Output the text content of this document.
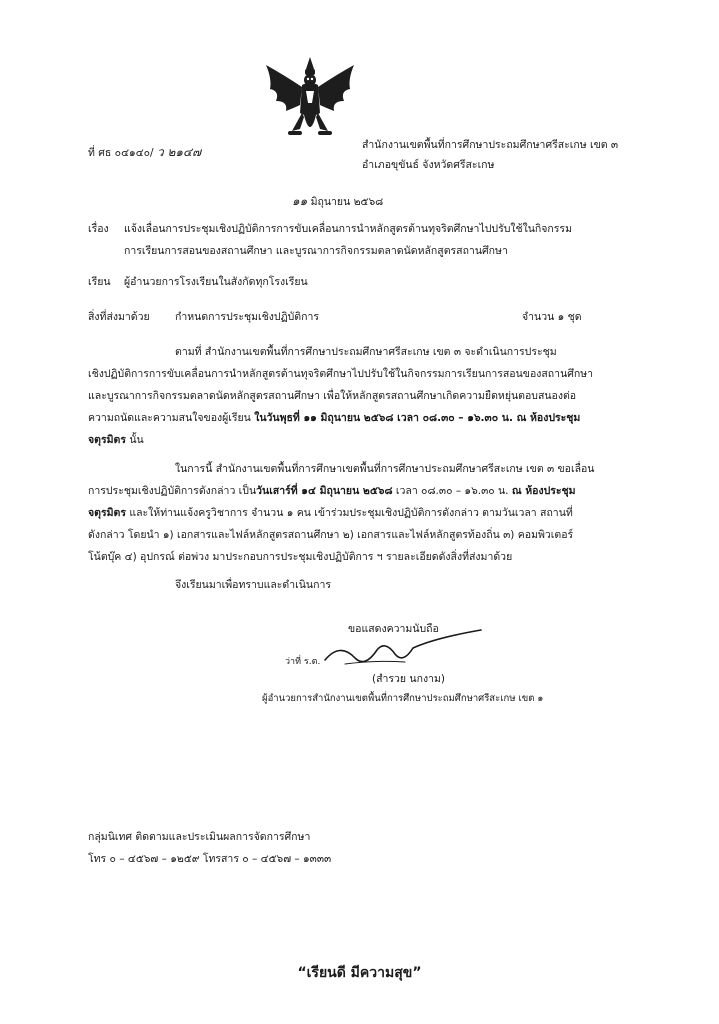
ที่ ศธ ๐๔๑๔๐/ ว ๒๑๔๗	สำนักงานเขตพื้นที่การศึกษาประถมศึกษาศรีสะเกษ เขต ๓
อำเภอขุขันธ์ จังหวัดศรีสะเกษ
๑๑ มิถุนายน ๒๕๖๘
เรื่อง แจ้งเลื่อนการประชุมเชิงปฏิบัติการการขับเคลื่อนการนำหลักสูตรต้านทุจริตศึกษาไปปรับใช้ในกิจกรรม
การเรียนการสอนของสถานศึกษา และบูรณาการกิจกรรมตลาดนัดหลักสูตรสถานศึกษา
เรียน ผู้อำนวยการโรงเรียนในสังกัดทุกโรงเรียน
สิ่งที่ส่งมาด้วย กำหนดการประชุมเชิงปฏิบัติการ	จำนวน ๑ ชุด
ตามที่ สำนักงานเขตพื้นที่การศึกษาประถมศึกษาศรีสะเกษ เขต ๓ จะดำเนินการประชุม
เชิงปฏิบัติการการขับเคลื่อนการนำหลักสูตรต้านทุจริตศึกษาไปปรับใช้ในกิจกรรมการเรียนการสอนของสถานศึกษา
และบูรณาการกิจกรรมตลาดนัดหลักสูตรสถานศึกษา เพื่อให้หลักสูตรสถานศึกษาเกิดความยืดหยุ่นตอบสนองต่อ
ความถนัดและความสนใจของผู้เรียน ในวันพุธที่ ๑๑ มิถุนายน ๒๕๖๘ เวลา ๐๘.๓๐ – ๑๖.๓๐ น. ณ ห้องประชุม
จตุรมิตร นั้น
ในการนี้ สำนักงานเขตพื้นที่การศึกษาเขตพื้นที่การศึกษาประถมศึกษาศรีสะเกษ เขต ๓ ขอเลื่อน
การประชุมเชิงปฏิบัติการดังกล่าว เป็นวันเสาร์ที่ ๑๔ มิถุนายน ๒๕๖๘ เวลา ๐๘.๓๐ – ๑๖.๓๐ น. ณ ห้องประชุม
จตุรมิตร และให้ท่านแจ้งครูวิชาการ จำนวน ๑ คน เข้าร่วมประชุมเชิงปฏิบัติการดังกล่าว ตามวันเวลา สถานที่
ดังกล่าว โดยนำ ๑) เอกสารและไฟล์หลักสูตรสถานศึกษา ๒) เอกสารและไฟล์หลักสูตรท้องถิ่น ๓) คอมพิวเตอร์
โน้ตบุ๊ค ๔) อุปกรณ์ ต่อพ่วง มาประกอบการประชุมเชิงปฏิบัติการ ฯ รายละเอียดดังสิ่งที่ส่งมาด้วย
จึงเรียนมาเพื่อทราบและดำเนินการ
ขอแสดงความนับถือ
ว่าที่ ร.ต.
(สำรวย นกงาม)
ผู้อำนวยการสำนักงานเขตพื้นที่การศึกษาประถมศึกษาศรีสะเกษ เขต ๑
กลุ่มนิเทศ ติดตามและประเมินผลการจัดการศึกษา
โทร ๐ – ๔๕๖๗ – ๑๒๕๙ โทรสาร ๐ – ๔๕๖๗ – ๑๓๓๓
“เรียนดี มีความสุข”
